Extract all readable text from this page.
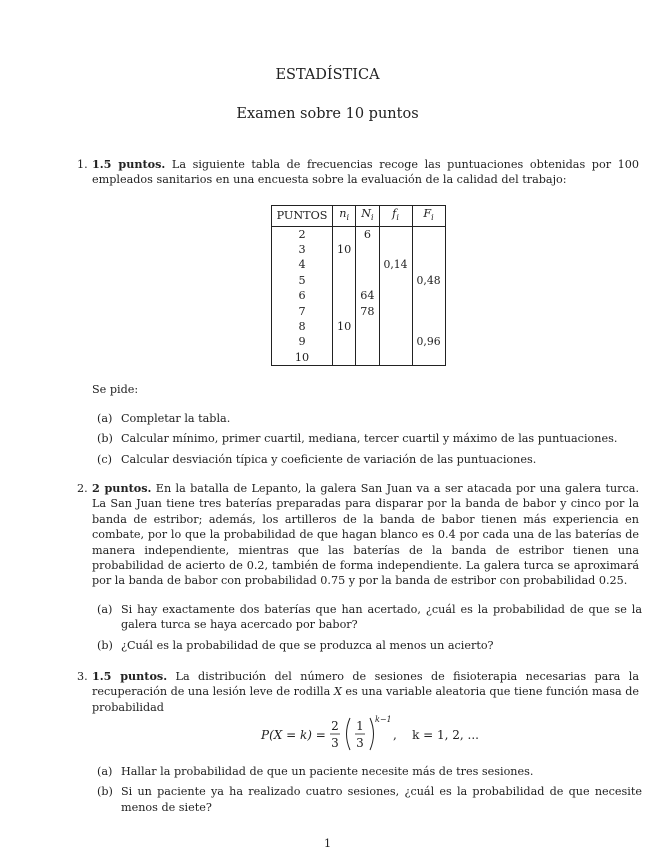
ESTADÍSTICA
Examen sobre 10 puntos
1. 1.5 puntos. La siguiente tabla de frecuencias recoge las puntuaciones obtenidas por 100 empleados sanitarios en una encuesta sobre la evaluación de la calidad del trabajo:
PUNTOS	$n_i$	$N_i$	$f_i$	$F_i$
2		6		
3	10			
4			0,14	
5				0,48
6		64		
7		78		
8	10			
9				0,96
10				
Se pide:
(a) Completar la tabla.
(b) Calcular mínimo, primer cuartil, mediana, tercer cuartil y máximo de las puntuaciones.
(c) Calcular desviación típica y coeficiente de variación de las puntuaciones.
2. 2 puntos. En la batalla de Lepanto, la galera San Juan va a ser atacada por una galera turca. La San Juan tiene tres baterías preparadas para disparar por la banda de babor y cinco por la banda de estribor; además, los artilleros de la banda de babor tienen más experiencia en combate, por lo que la probabilidad de que hagan blanco es 0.4 por cada una de las baterías de manera independiente, mientras que las baterías de la banda de estribor tienen una probabilidad de acierto de 0.2, también de forma independiente. La galera turca se aproximará por la banda de babor con probabilidad 0.75 y por la banda de estribor con probabilidad 0.25.
(a) Si hay exactamente dos baterías que han acertado, ¿cuál es la probabilidad de que se la galera turca se haya acercado por babor?
(b) ¿Cuál es la probabilidad de que se produzca al menos un acierto?
3. 1.5 puntos. La distribución del número de sesiones de fisioterapia necesarias para la recuperación de una lesión leve de rodilla X es una variable aleatoria que tiene función masa de probabilidad
P(X = k) =
2
3
1
3
k−1
,    k = 1, 2, ...
(a) Hallar la probabilidad de que un paciente necesite más de tres sesiones.
(b) Si un paciente ya ha realizado cuatro sesiones, ¿cuál es la probabilidad de que necesite menos de siete?
1
